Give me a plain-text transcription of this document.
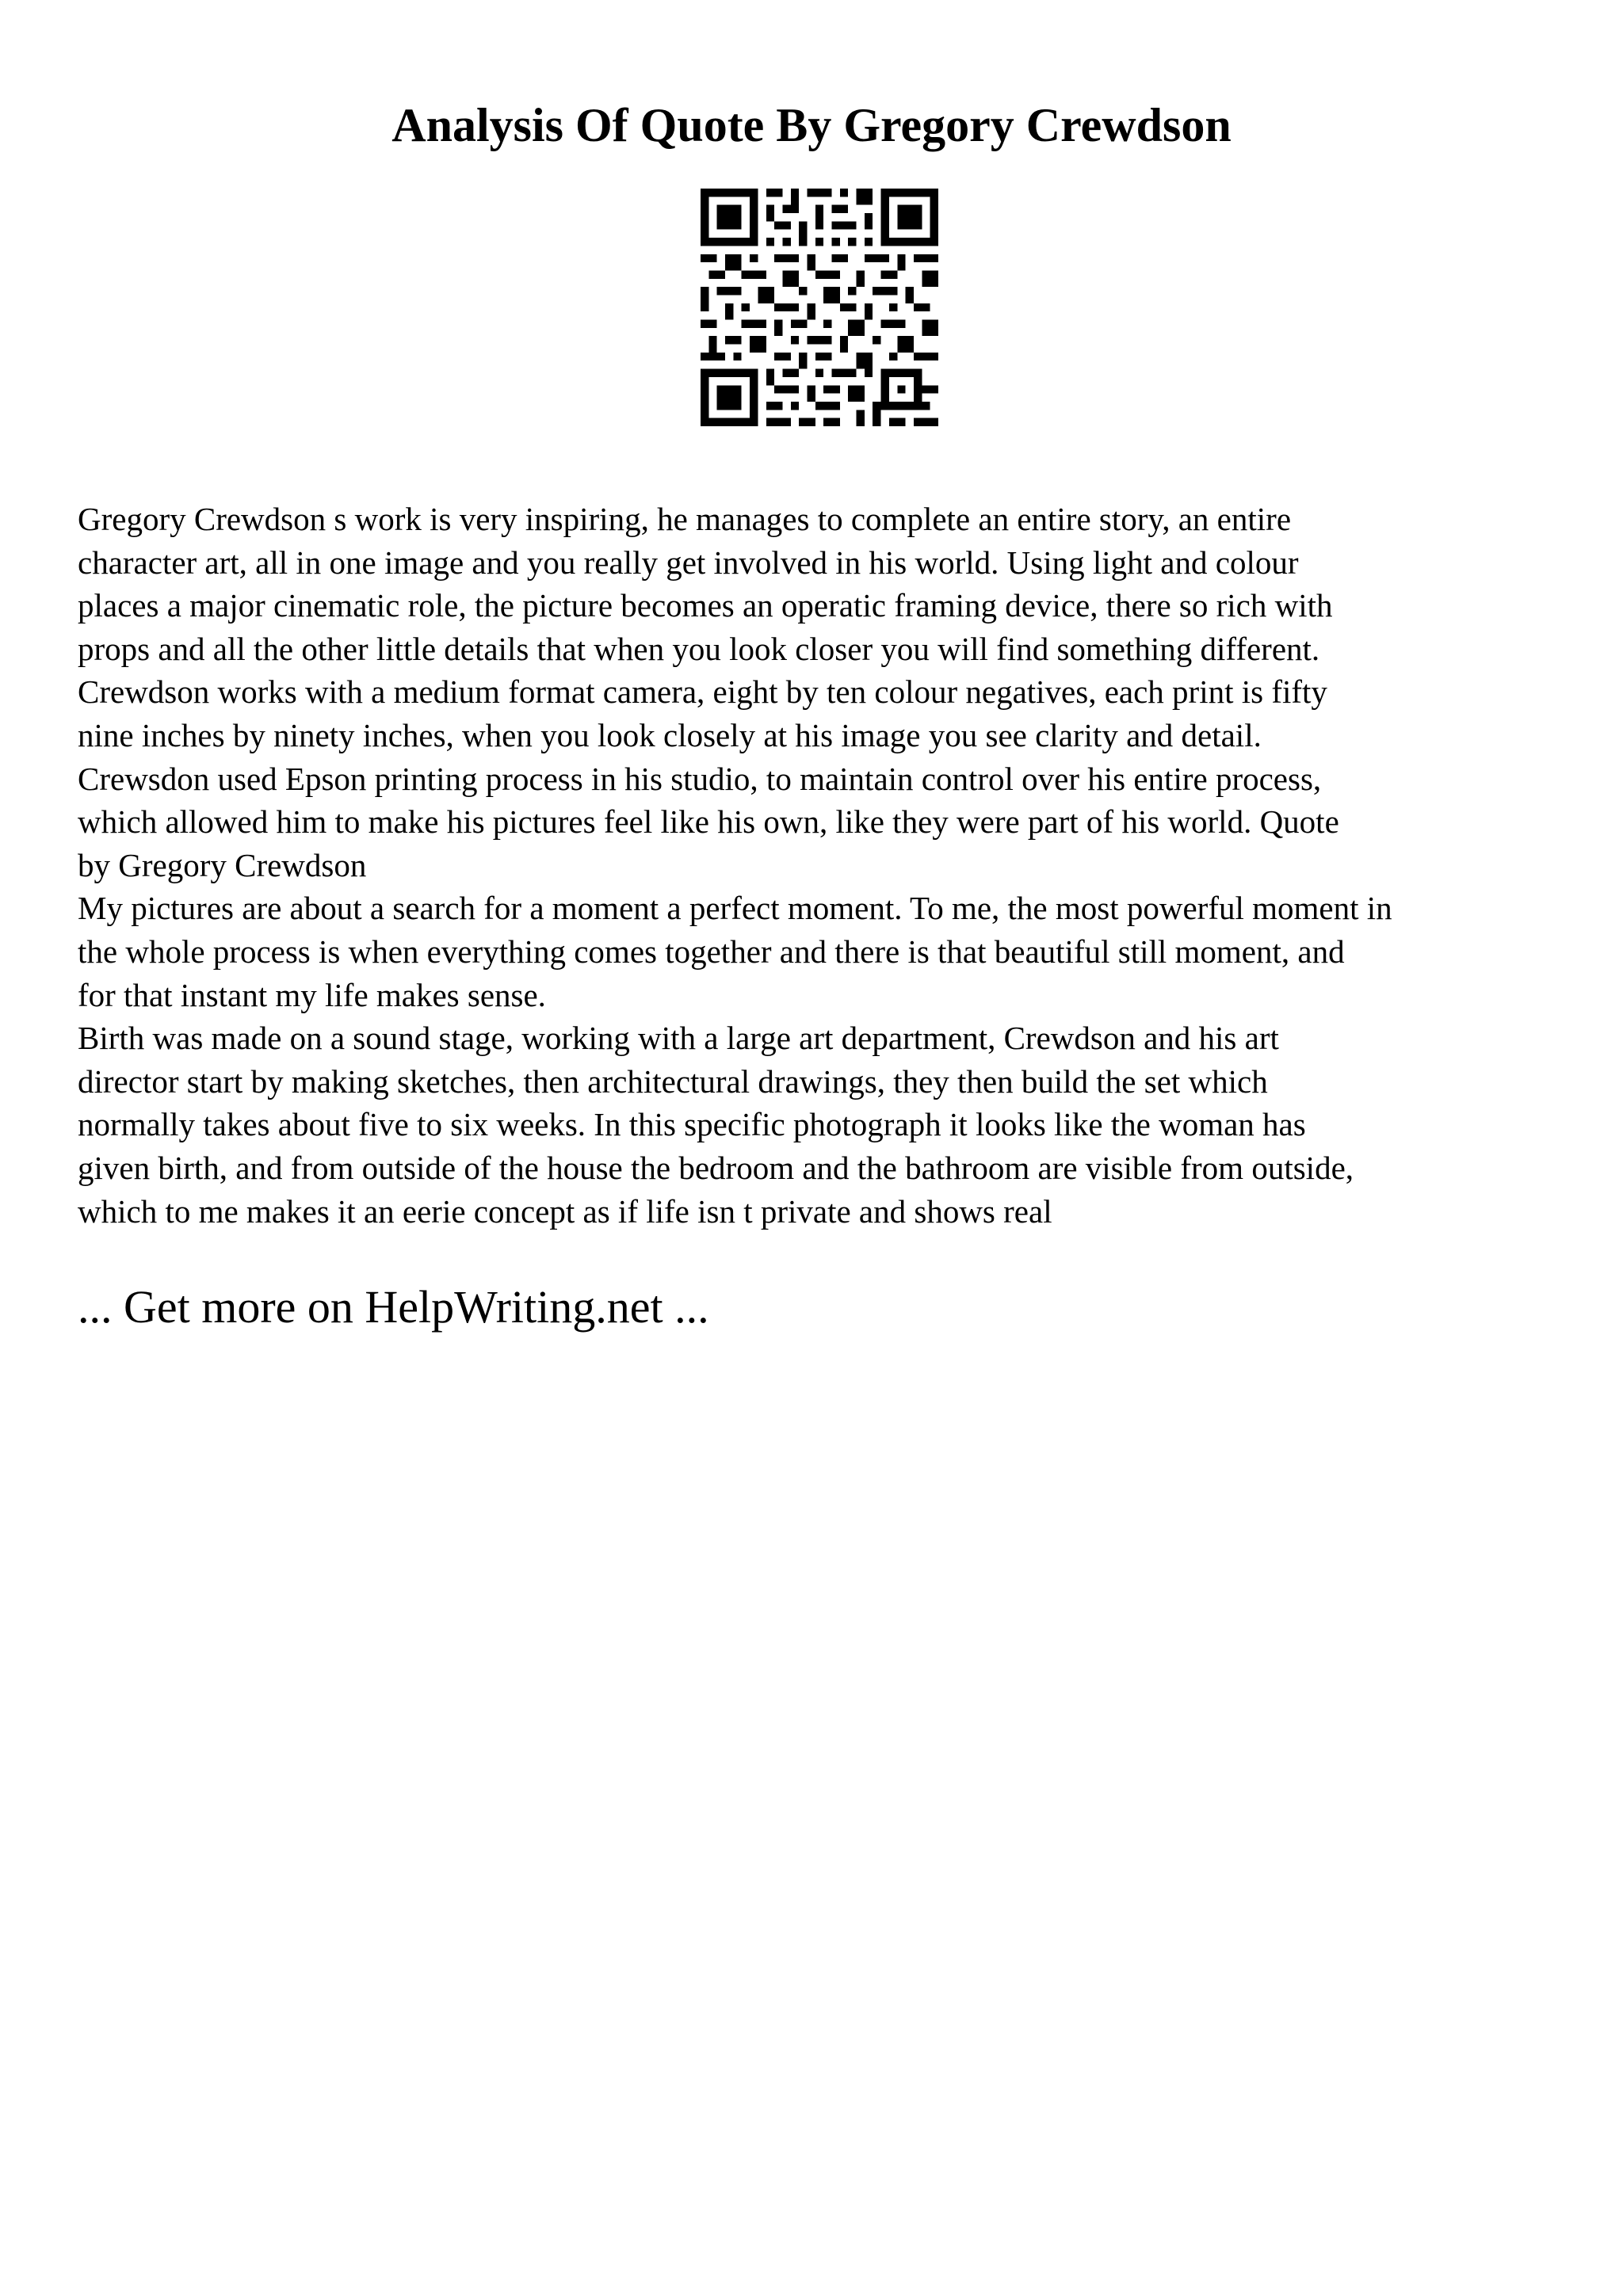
Analysis Of Quote By Gregory Crewdson
Gregory Crewdson s work is very inspiring, he manages to complete an entire story, an entire
character art, all in one image and you really get involved in his world. Using light and colour
places a major cinematic role, the picture becomes an operatic framing device, there so rich with
props and all the other little details that when you look closer you will find something different.
Crewdson works with a medium format camera, eight by ten colour negatives, each print is fifty
nine inches by ninety inches, when you look closely at his image you see clarity and detail.
Crewsdon used Epson printing process in his studio, to maintain control over his entire process,
which allowed him to make his pictures feel like his own, like they were part of his world. Quote
by Gregory Crewdson
My pictures are about a search for a moment a perfect moment. To me, the most powerful moment in
the whole process is when everything comes together and there is that beautiful still moment, and
for that instant my life makes sense.
Birth was made on a sound stage, working with a large art department, Crewdson and his art
director start by making sketches, then architectural drawings, they then build the set which
normally takes about five to six weeks. In this specific photograph it looks like the woman has
given birth, and from outside of the house the bedroom and the bathroom are visible from outside,
which to me makes it an eerie concept as if life isn t private and shows real
... Get more on HelpWriting.net ...
